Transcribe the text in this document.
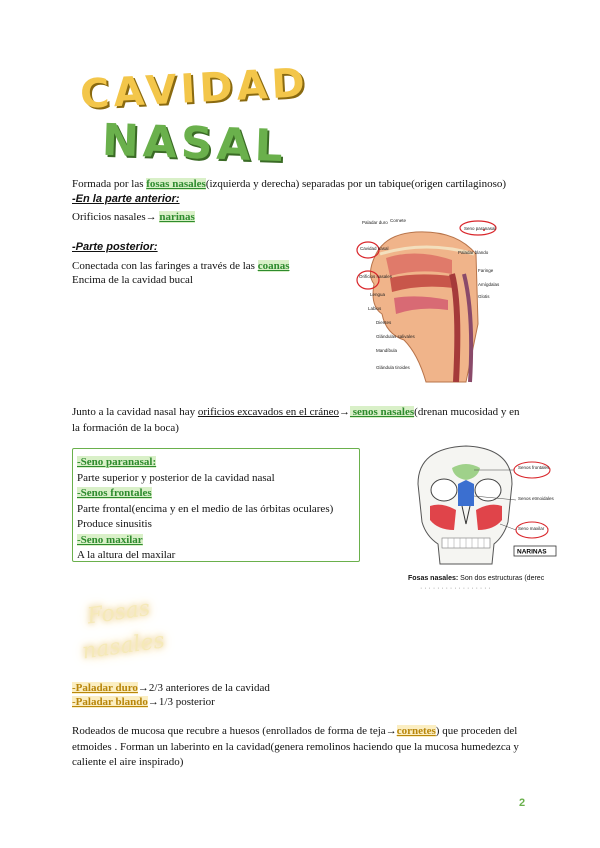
CAVIDAD
NASAL
Formada por las fosas nasales(izquierda y derecha) separadas por un tabique(origen cartilaginoso)
-En la parte anterior:
Orificios nasales→ narinas
-Parte posterior:
Conectada con las faringes a través de las coanas
Encima de la cavidad bucal
Cornete
Seno paranasal
Paladar duro
Paladar blando
Cavidad nasal
Orificios nasales
Faringe
Amígdalas
Glotis
Lengua
Labios
Dientes
Glándulas salivales
Mandíbula
Glándula tiroides
Junto a la cavidad nasal hay orificios excavados en el cráneo→ senos nasales(drenan mucosidad y en
la formación de la boca)
-Seno paranasal:
Parte superior y posterior de la cavidad nasal
-Senos frontales
Parte frontal(encima y en el medio de las órbitas oculares)
Produce sinusitis
-Seno maxilar
A la altura del maxilar
Senos frontales
Senos etmoidales
Seno maxilar
NARINAS
Fosas nasales: Son dos estructuras (derec
· · · · · · · · · · · · · · · · ·
Fosas
nasales
-Paladar duro→2/3 anteriores de la cavidad
-Paladar blando→1/3 posterior
Rodeados de mucosa que recubre a huesos (enrollados de forma de teja→cornetes) que proceden del
etmoides . Forman un laberinto en la cavidad(genera remolinos haciendo que la mucosa humedezca y
caliente el aire inspirado)
2
